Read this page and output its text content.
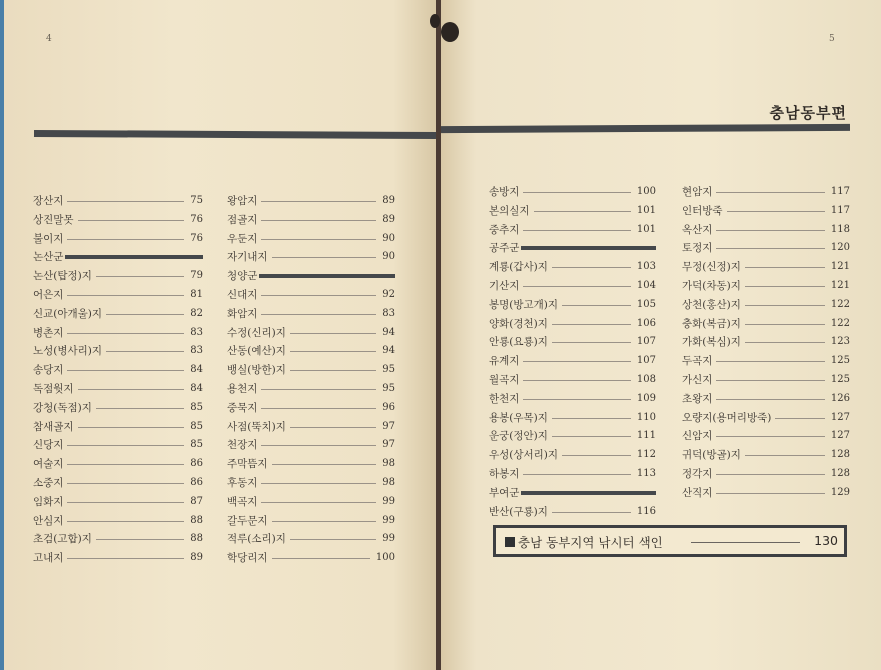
4	5
충남동부편
장산지	75
상진말못	76
불이지	76
논산군
논산(탑정)지	79
어은지	81
신교(아개울)지	82
병촌지	83
노성(병사리)지	83
송당지	84
독점웟지	84
강청(독점)지	85
참새골지	85
신당지	85
여술지	86
소중지	86
임화지	87
안심지	88
초검(고합)지	88
고내지	89
왕암지	89
점골지	89
우둔지	90
자기내지	90
청양군
신대지	92
화암지	83
수정(신리)지	94
산동(예산)지	94
뱅실(방한)지	95
용천지	95
중묵지	96
사점(뚝치)지	97
천장지	97
주막뜸지	98
후동지	98
백곡지	99
갈두문지	99
적루(소리)지	99
학당리지	100
송방지	100
본의실지	101
중추지	101
공주군
계룡(갑사)지	103
기산지	104
봉명(방고개)지	105
양화(경천)지	106
안룡(요룡)지	107
유계지	107
월곡지	108
한천지	109
용봉(우목)지	110
운궁(정안)지	111
우성(상서리)지	112
하봉지	113
부여군
반산(구룡)지	116
현암지	117
인터방죽	117
옥산지	118
토정지	120
무정(신정)지	121
가덕(차동)지	121
상천(홍산)지	122
충화(복금)지	122
가화(복심)지	123
두곡지	125
가신지	125
초왕지	126
오량지(용머리방죽)	127
신암지	127
귀덕(방골)지	128
정각지	128
산직지	129
충남 동부지역 낚시터 색인	130
